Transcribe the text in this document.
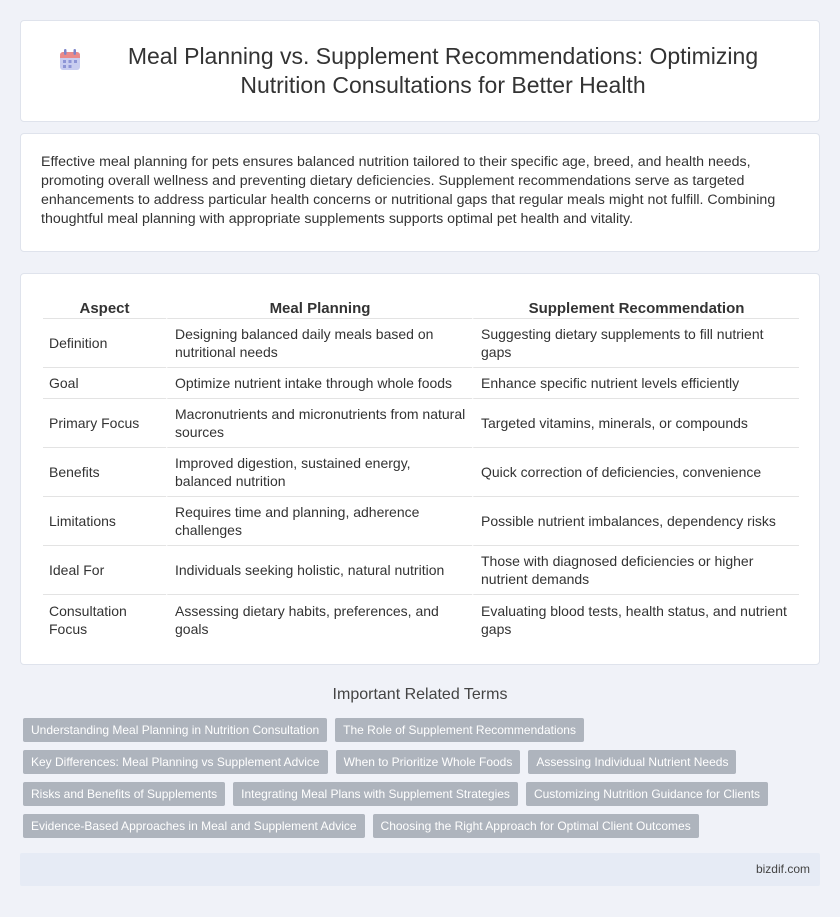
Meal Planning vs. Supplement Recommendations: Optimizing Nutrition Consultations for Better Health

Effective meal planning for pets ensures balanced nutrition tailored to their specific age, breed, and health needs, promoting overall wellness and preventing dietary deficiencies. Supplement recommendations serve as targeted enhancements to address particular health concerns or nutritional gaps that regular meals might not fulfill. Combining thoughtful meal planning with appropriate supplements supports optimal pet health and vitality.

Aspect	Meal Planning	Supplement Recommendation
Definition	Designing balanced daily meals based on nutritional needs	Suggesting dietary supplements to fill nutrient gaps
Goal	Optimize nutrient intake through whole foods	Enhance specific nutrient levels efficiently
Primary Focus	Macronutrients and micronutrients from natural sources	Targeted vitamins, minerals, or compounds
Benefits	Improved digestion, sustained energy, balanced nutrition	Quick correction of deficiencies, convenience
Limitations	Requires time and planning, adherence challenges	Possible nutrient imbalances, dependency risks
Ideal For	Individuals seeking holistic, natural nutrition	Those with diagnosed deficiencies or higher nutrient demands
Consultation Focus	Assessing dietary habits, preferences, and goals	Evaluating blood tests, health status, and nutrient gaps
Important Related Terms
Understanding Meal Planning in Nutrition Consultation	The Role of Supplement Recommendations
Key Differences: Meal Planning vs Supplement Advice	When to Prioritize Whole Foods	Assessing Individual Nutrient Needs
Risks and Benefits of Supplements	Integrating Meal Plans with Supplement Strategies	Customizing Nutrition Guidance for Clients
Evidence-Based Approaches in Meal and Supplement Advice	Choosing the Right Approach for Optimal Client Outcomes
bizdif.com
